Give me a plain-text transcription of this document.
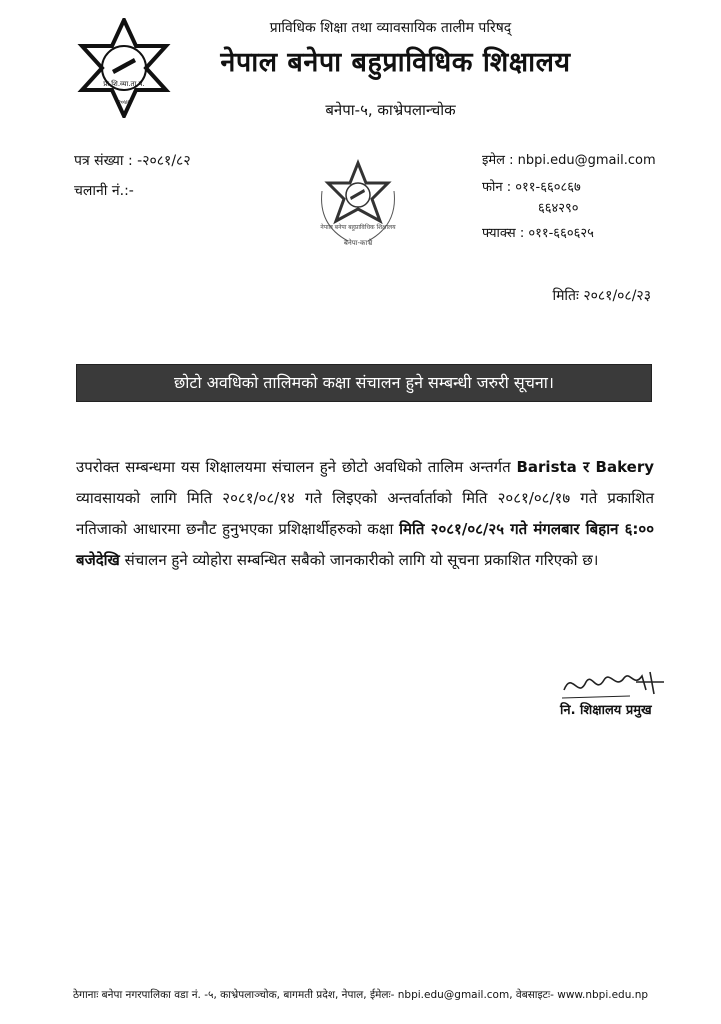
प्रा.शि.व्या.ता.प.
२०४६
प्राविधिक शिक्षा तथा व्यावसायिक तालीम परिषद्
नेपाल बनेपा बहुप्राविधिक शिक्षालय
बनेपा-५, काभ्रेपलान्चोक
पत्र संख्या : -२०८१/८२
चलानी नं.:-
नेपाल बनेपा बहुप्राविधिक शिक्षालय
बनेपा-काभ्रे
इमेल : nbpi.edu@gmail.com
फोन : ०११-६६०८६७
६६४२९०
फ्याक्स : ०११-६६०६२५
मितिः २०८१/०८/२३
छोटो अवधिको तालिमको कक्षा संचालन हुने सम्बन्धी जरुरी सूचना।
उपरोक्त सम्बन्धमा यस शिक्षालयमा संचालन हुने छोटो अवधिको तालिम अन्तर्गत Barista र Bakery व्यावसायको लागि मिति २०८१/०८/१४ गते लिइएको अन्तर्वार्ताको मिति २०८१/०८/१७ गते प्रकाशित नतिजाको आधारमा छनौट हुनुभएका प्रशिक्षार्थीहरुको कक्षा मिति २०८१/०८/२५ गते मंगलबार बिहान ६:०० बजेदेखि संचालन हुने व्योहोरा सम्बन्धित सबैको जानकारीको लागि यो सूचना प्रकाशित गरिएको छ।
नि. शिक्षालय प्रमुख
ठेगानाः बनेपा नगरपालिका वडा नं. -५, काभ्रेपलाञ्चोक, बागमती प्रदेश, नेपाल, ईमेलः- nbpi.edu@gmail.com, वेबसाइटः- www.nbpi.edu.np
